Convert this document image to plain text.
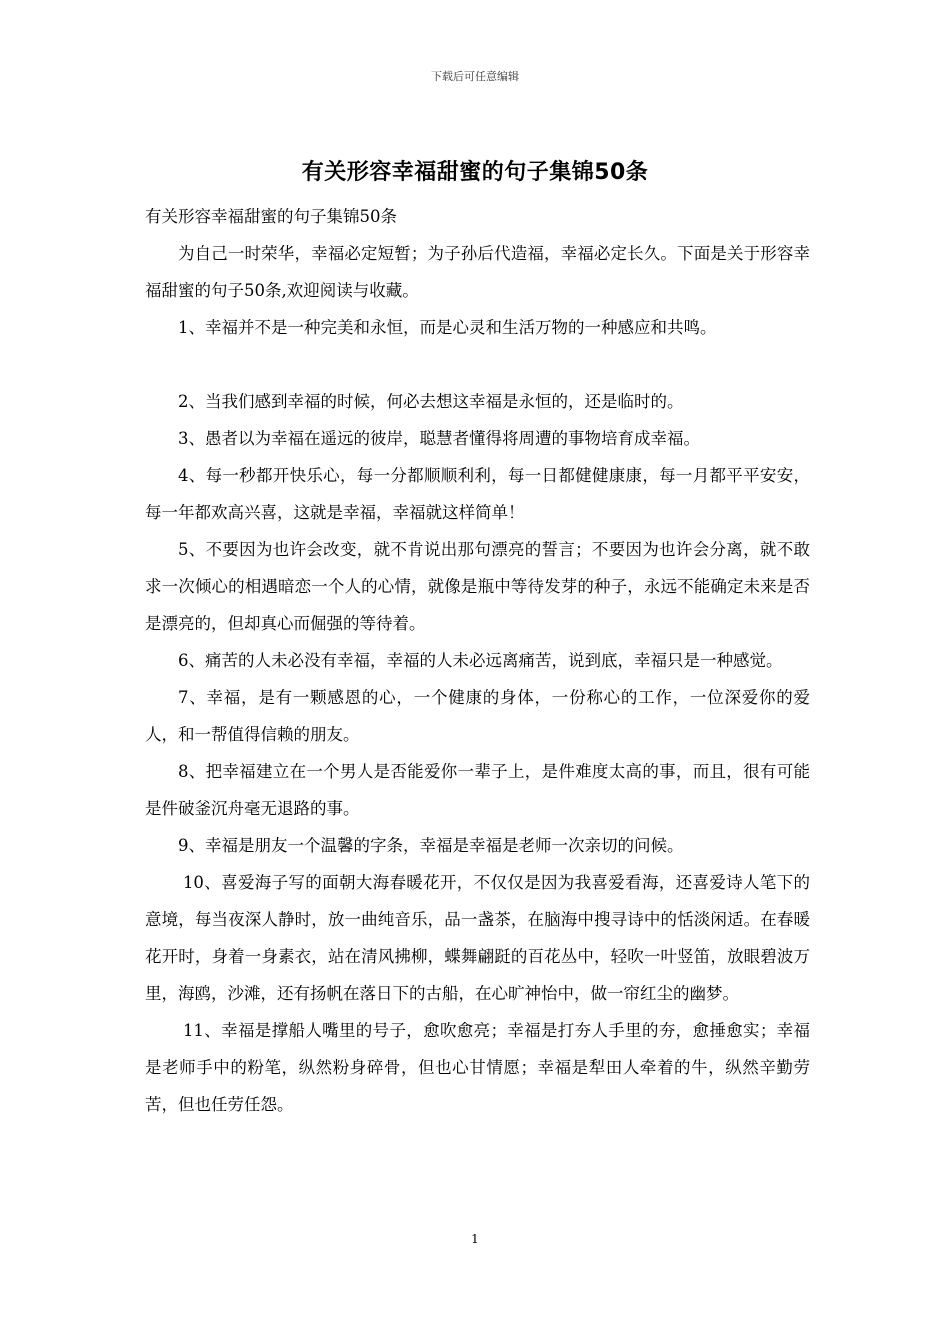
下载后可任意编辑
有关形容幸福甜蜜的句子集锦50条

有关形容幸福甜蜜的句子集锦50条

为自己一时荣华，幸福必定短暂；为子孙后代造福，幸福必定长久。下面是关于形容幸福甜蜜的句子50条,欢迎阅读与收藏。

1、幸福并不是一种完美和永恒，而是心灵和生活万物的一种感应和共鸣。

2、当我们感到幸福的时候，何必去想这幸福是永恒的，还是临时的。

3、愚者以为幸福在遥远的彼岸，聪慧者懂得将周遭的事物培育成幸福。

4、每一秒都开快乐心，每一分都顺顺利利，每一日都健健康康，每一月都平平安安，每一年都欢高兴喜，这就是幸福，幸福就这样简单！

5、不要因为也许会改变，就不肯说出那句漂亮的誓言；不要因为也许会分离，就不敢求一次倾心的相遇暗恋一个人的心情，就像是瓶中等待发芽的种子，永远不能确定未来是否是漂亮的，但却真心而倔强的等待着。

6、痛苦的人未必没有幸福，幸福的人未必远离痛苦，说到底，幸福只是一种感觉。

7、幸福，是有一颗感恩的心，一个健康的身体，一份称心的工作，一位深爱你的爱人，和一帮值得信赖的朋友。

8、把幸福建立在一个男人是否能爱你一辈子上，是件难度太高的事，而且，很有可能是件破釜沉舟毫无退路的事。

9、幸福是朋友一个温馨的字条，幸福是幸福是老师一次亲切的问候。

10、喜爱海子写的面朝大海春暖花开，不仅仅是因为我喜爱看海，还喜爱诗人笔下的意境，每当夜深人静时，放一曲纯音乐，品一盏茶，在脑海中搜寻诗中的恬淡闲适。在春暖花开时，身着一身素衣，站在清风拂柳，蝶舞翩跹的百花丛中，轻吹一叶竖笛，放眼碧波万里，海鸥，沙滩，还有扬帆在落日下的古船，在心旷神怡中，做一帘红尘的幽梦。

11、幸福是撑船人嘴里的号子，愈吹愈亮；幸福是打夯人手里的夯，愈捶愈实；幸福是老师手中的粉笔，纵然粉身碎骨，但也心甘情愿；幸福是犁田人牵着的牛，纵然辛勤劳苦，但也任劳任怨。

1
